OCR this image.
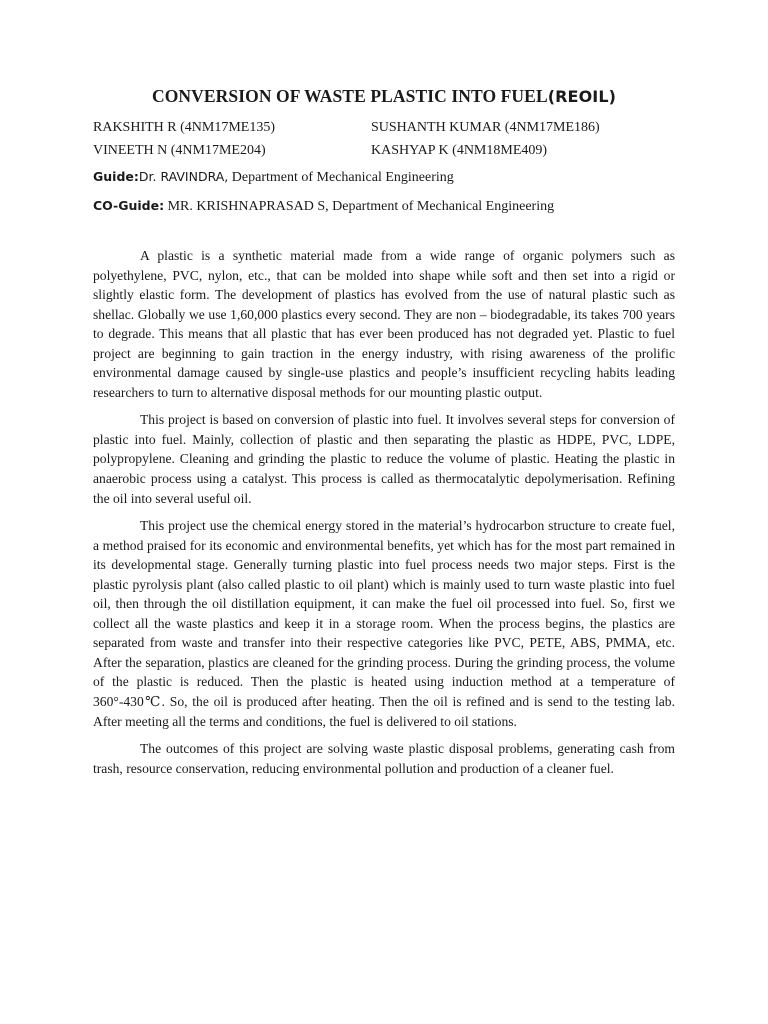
CONVERSION OF WASTE PLASTIC INTO FUEL(REOIL)
RAKSHITH R (4NM17ME135)	SUSHANTH KUMAR (4NM17ME186)
VINEETH N (4NM17ME204)	KASHYAP K (4NM18ME409)
Guide:Dr. RAVINDRA, Department of Mechanical Engineering
CO-Guide: MR. KRISHNAPRASAD S, Department of Mechanical Engineering

A plastic is a synthetic material made from a wide range of organic polymers such as polyethylene, PVC, nylon, etc., that can be molded into shape while soft and then set into a rigid or slightly elastic form. The development of plastics has evolved from the use of natural plastic such as shellac. Globally we use 1,60,000 plastics every second. They are non – biodegradable, its takes 700 years to degrade. This means that all plastic that has ever been produced has not degraded yet. Plastic to fuel project are beginning to gain traction in the energy industry, with rising awareness of the prolific environmental damage caused by single-use plastics and people’s insufficient recycling habits leading researchers to turn to alternative disposal methods for our mounting plastic output.

This project is based on conversion of plastic into fuel. It involves several steps for conversion of plastic into fuel. Mainly, collection of plastic and then separating the plastic as HDPE, PVC, LDPE, polypropylene. Cleaning and grinding the plastic to reduce the volume of plastic. Heating the plastic in anaerobic process using a catalyst. This process is called as thermocatalytic depolymerisation. Refining the oil into several useful oil.

This project use the chemical energy stored in the material’s hydrocarbon structure to create fuel, a method praised for its economic and environmental benefits, yet which has for the most part remained in its developmental stage. Generally turning plastic into fuel process needs two major steps. First is the plastic pyrolysis plant (also called plastic to oil plant) which is mainly used to turn waste plastic into fuel oil, then through the oil distillation equipment, it can make the fuel oil processed into fuel. So, first we collect all the waste plastics and keep it in a storage room. When the process begins, the plastics are separated from waste and transfer into their respective categories like PVC, PETE, ABS, PMMA, etc. After the separation, plastics are cleaned for the grinding process. During the grinding process, the volume of the plastic is reduced. Then the plastic is heated using induction method at a temperature of 360°-430℃. So, the oil is produced after heating. Then the oil is refined and is send to the testing lab. After meeting all the terms and conditions, the fuel is delivered to oil stations.

The outcomes of this project are solving waste plastic disposal problems, generating cash from trash, resource conservation, reducing environmental pollution and production of a cleaner fuel.
